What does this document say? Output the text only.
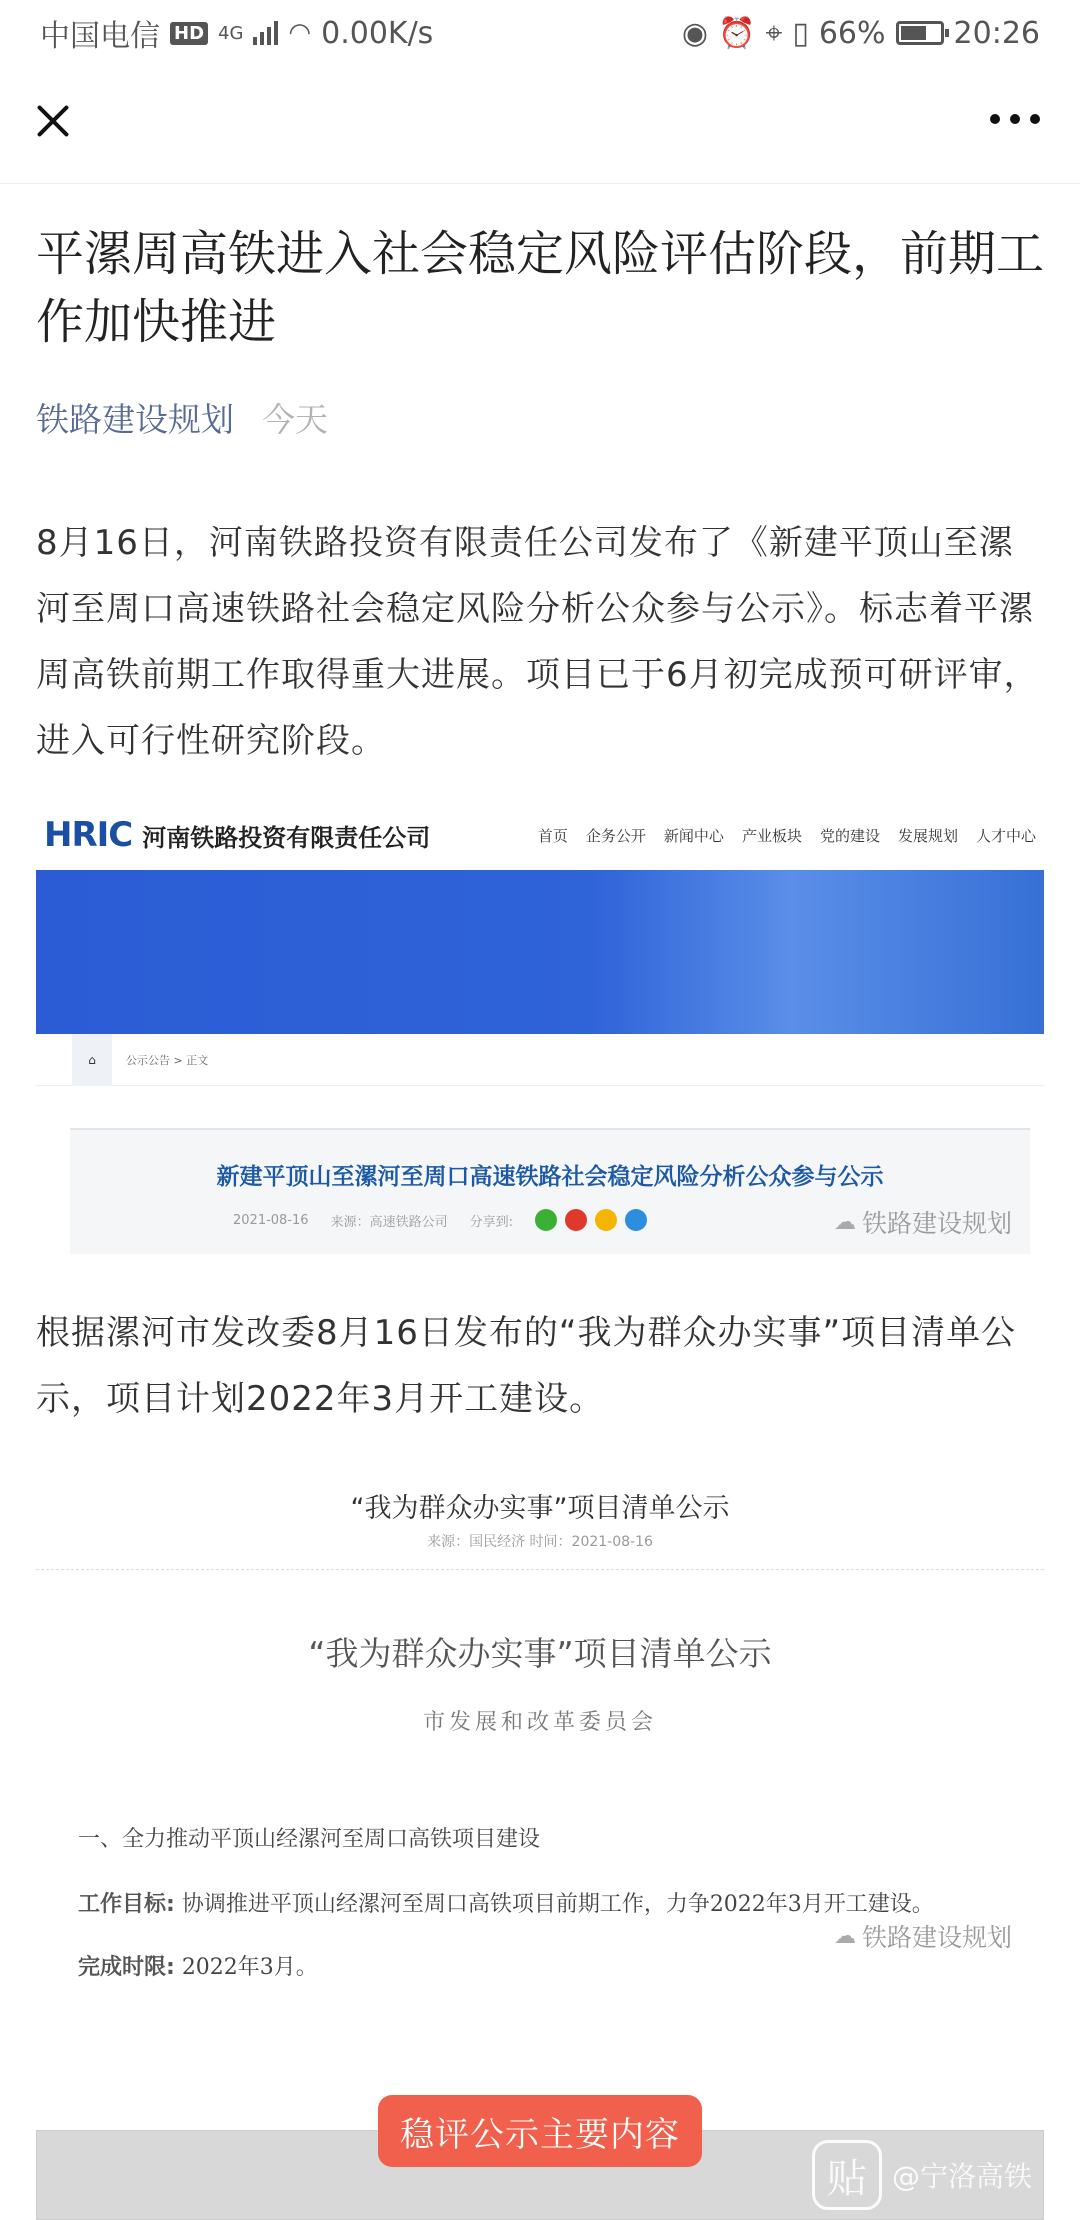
中国电信 HD 4G ◠ 0.00K/s	◉ ⏰ ⌖ ▯ 66% 20:26
平漯周高铁进入社会稳定风险评估阶段，前期工作加快推进
铁路建设规划 今天

8月16日，河南铁路投资有限责任公司发布了《新建平顶山至漯河至周口高速铁路社会稳定风险分析公众参与公示》。标志着平漯周高铁前期工作取得重大进展。项目已于6月初完成预可研评审，进入可行性研究阶段。

HRIC 河南铁路投资有限责任公司	首页 企务公开 新闻中心 产业板块 党的建设 发展规划 人才中心
⌂	公示公告 > 正文
新建平顶山至漯河至周口高速铁路社会稳定风险分析公众参与公示
2021-08-16 来源：高速铁路公司 分享到:	☁ 铁路建设规划

根据漯河市发改委8月16日发布的“我为群众办实事”项目清单公示，项目计划2022年3月开工建设。

“我为群众办实事”项目清单公示
来源：国民经济 时间：2021-08-16
“我为群众办实事”项目清单公示
市发展和改革委员会
一、全力推动平顶山经漯河至周口高铁项目建设
工作目标: 协调推进平顶山经漯河至周口高铁项目前期工作，力争2022年3月开工建设。
完成时限: 2022年3月。
☁ 铁路建设规划
稳评公示主要内容
贴 @宁洛高铁
